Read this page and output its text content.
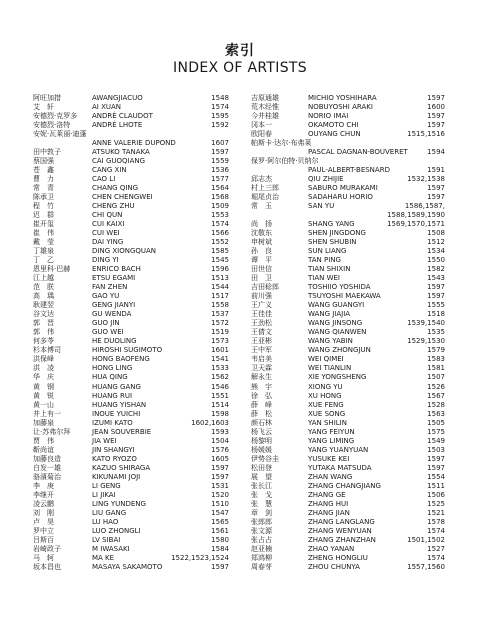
索引
INDEX OF ARTISTS
阿旺加措	AWANGJIACUO	1548
艾　轩	AI XUAN	1574
安德烈·克罗多 ANDRÉ CLAUDOT	1595
安德烈·洛特	ANDRÉ LHOTE	1592
安妮·瓦莱丽·迪蓬
ANNE VALERIE DUPOND	1607
田中敦子	ATSUKO TANAKA	1597
蔡国强	CAI GUOQIANG	1559
苍　鑫	CANG XIN	1536
曹　力	CAO LI	1577
常　青	CHANG QING	1564
陈承卫	CHEN CHENGWEI	1568
程　竹	CHENG ZHU	1509
迟　群	CHI QUN	1553
崔开玺	CUI KAIXI	1574
崔　伟	CUI WEI	1566
戴　莹	DAI YING	1552
丁雄泉	DING XIONGQUAN	1585
丁　乙	DING YI	1545
恩里科·巴赫	ENRICO BACH	1596
江上越	ETSU EGAMI	1513
范　朕	FAN ZHEN	1544
高　瑀	GAO YU	1517
耿建翌	GENG JIANYI	1558
谷文达	GU WENDA	1537
郭　晋	GUO JIN	1572
郭　伟	GUO WEI	1519
何多苓	HE DUOLING	1573
杉本博司	HIROSHI SUGIMOTO	1601
洪保峰	HONG BAOFENG	1541
洪　凌	HONG LING	1533
华　庆	HUA QING	1562
黄　钢	HUANG GANG	1546
黄　锐	HUANG RUI	1551
黄一山	HUANG YISHAN	1514
井上有一	INOUE YUICHI	1598
加藤泉	IZUMI KATO	1602,1603
让·苏弗尔拜	JEAN SOUVERBIE	1593
贾　伟	JIA WEI	1504
靳尚谊	JIN SHANGYI	1576
加藤良造	KATO RYOZO	1605
白发一雄	KAZUO SHIRAGA	1597
骆濱菊治	KIKUNAMI JOJI	1597
李　庚	LI GENG	1531
李继开	LI JIKAI	1520
凌云鹏	LING YUNDENG	1510
刘　刚	LIU GANG	1547
卢　昊	LU HAO	1565
罗中立	LUO ZHONGLI	1561
吕斯百	LV SIBAI	1580
岩崎政子	M IWASAKI	1584
马　轲	MA KE	1522,1523,1524
坂本昌也	MASAYA SAKAMOTO	1597
吉原通雄	MICHIO YOSHIHARA	1597
荒木经惟	NOBUYOSHI ARAKI	1600
今井桂雄	NORIO IMAI	1597
冈本一	OKAMOTO CHI	1597
欧阳春	OUYANG CHUN	1515,1516
帕斯卡·达尔·布弗莱
PASCAL DAGNAN-BOUVERET	1594
保罗·阿尔伯特·贝纳尔
PAUL-ALBERT-BESNARD	1591
邱志杰	QIU ZHIJIE	1532,1538
村上三郎	SABURO MURAKAMI	1597
堀尾贞治	SADAHARU HORIO	1597
常　玉	SAN YU	1586,1587,
1588,1589,1590
尚　扬	SHANG YANG	1569,1570,1571
沈敬东	SHEN JINGDONG	1508
申树斌	SHEN SHUBIN	1512
孙　良	SUN LIANG	1534
谭　平	TAN PING	1550
田世信	TIAN SHIXIN	1582
田　卫	TIAN WEI	1543
吉田稔郎	TOSHIIO YOSHIDA	1597
前川强	TSUYOSHI MAEKAWA	1597
王广义	WANG GUANGYI	1555
王佳佳	WANG JIAJIA	1518
王劲松	WANG JINSONG	1539,1540
王倩文	WANG QIANWEN	1535
王亚彬	WANG YABIN	1529,1530
王中军	WANG ZHONGJUN	1579
韦启美	WEI QIMEI	1583
卫天霖	WEI TIANLIN	1581
解永生	XIE YONGSHENG	1507
熊　宇	XIONG YU	1526
徐　弘	XU HONG	1567
薛　峰	XUE FENG	1528
薛　松	XUE SONG	1563
颜石林	YAN SHILIN	1505
杨飞云	YANG FEIYUN	1575
杨黎明	YANG LIMING	1549
杨媛媛	YANG YUANYUAN	1503
伊势谷圭	YUSUKE KEI	1597
松田登	YUTAKA MATSUDA	1597
展　望	ZHAN WANG	1554
张长江	ZHANG CHANGJIANG	1511
张　戈	ZHANG GE	1506
张　慧	ZHANG HUI	1525
章　剑	ZHANG JIAN	1521
张郎郎	ZHANG LANGLANG	1578
张文源	ZHANG WENYUAN	1574
张占占	ZHANG ZHANZHAN	1501,1502
赵亚楠	ZHAO YANAN	1527
郑鸿柳	ZHENG HONGLIU	1574
周春芽	ZHOU CHUNYA	1557,1560
